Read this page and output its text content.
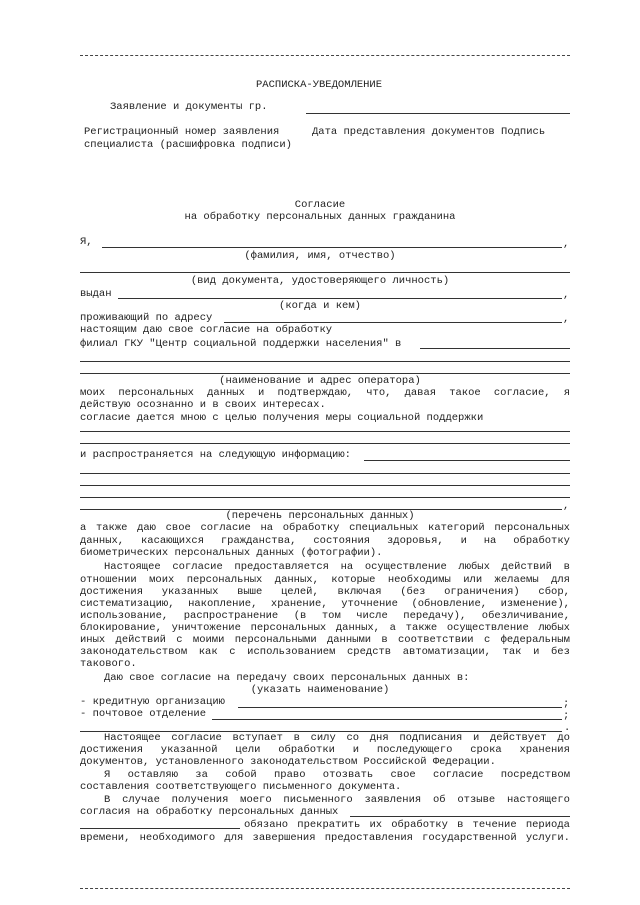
РАСПИСКА-УВЕДОМЛЕНИЕ
Заявление и документы гр.
Регистрационный номер заявления	Дата представления документов Подпись
специалиста (расшифровка подписи)
Согласие
на обработку персональных данных гражданина
Я,	,
(фамилия, имя, отчество)
(вид документа, удостоверяющего личность)
выдан	,
(когда и кем)
проживающий по адресу	,
настоящим даю свое согласие на обработку
филиал ГКУ "Центр социальной поддержки населения" в
(наименование и адрес оператора)
моих персональных данных и подтверждаю, что, давая такое согласие, я
действую осознанно и в своих интересах.
согласие дается мною с целью получения меры социальной поддержки
и распространяется на следующую информацию:
,
(перечень персональных данных)
а также даю свое согласие на обработку специальных категорий персональных
данных, касающихся гражданства, состояния здоровья, и на обработку
биометрических персональных данных (фотографии).
Настоящее согласие предоставляется на осуществление любых действий в
отношении моих персональных данных, которые необходимы или желаемы для
достижения указанных выше целей, включая (без ограничения) сбор,
систематизацию, накопление, хранение, уточнение (обновление, изменение),
использование, распространение (в том числе передачу), обезличивание,
блокирование, уничтожение персональных данных, а также осуществление любых
иных действий с моими персональными данными в соответствии с федеральным
законодательством как с использованием средств автоматизации, так и без
такового.
Даю свое согласие на передачу своих персональных данных в:
(указать наименование)
- кредитную организацию	;
- почтовое отделение	;
.
Настоящее согласие вступает в силу со дня подписания и действует до
достижения указанной цели обработки и последующего срока хранения
документов, установленного законодательством Российской Федерации.
Я оставляю за собой право отозвать свое согласие посредством
составления соответствующего письменного документа.
В случае получения моего письменного заявления об отзыве настоящего
согласия на обработку персональных данных
обязано прекратить их обработку в течение периода
времени, необходимого для завершения предоставления государственной услуги.
